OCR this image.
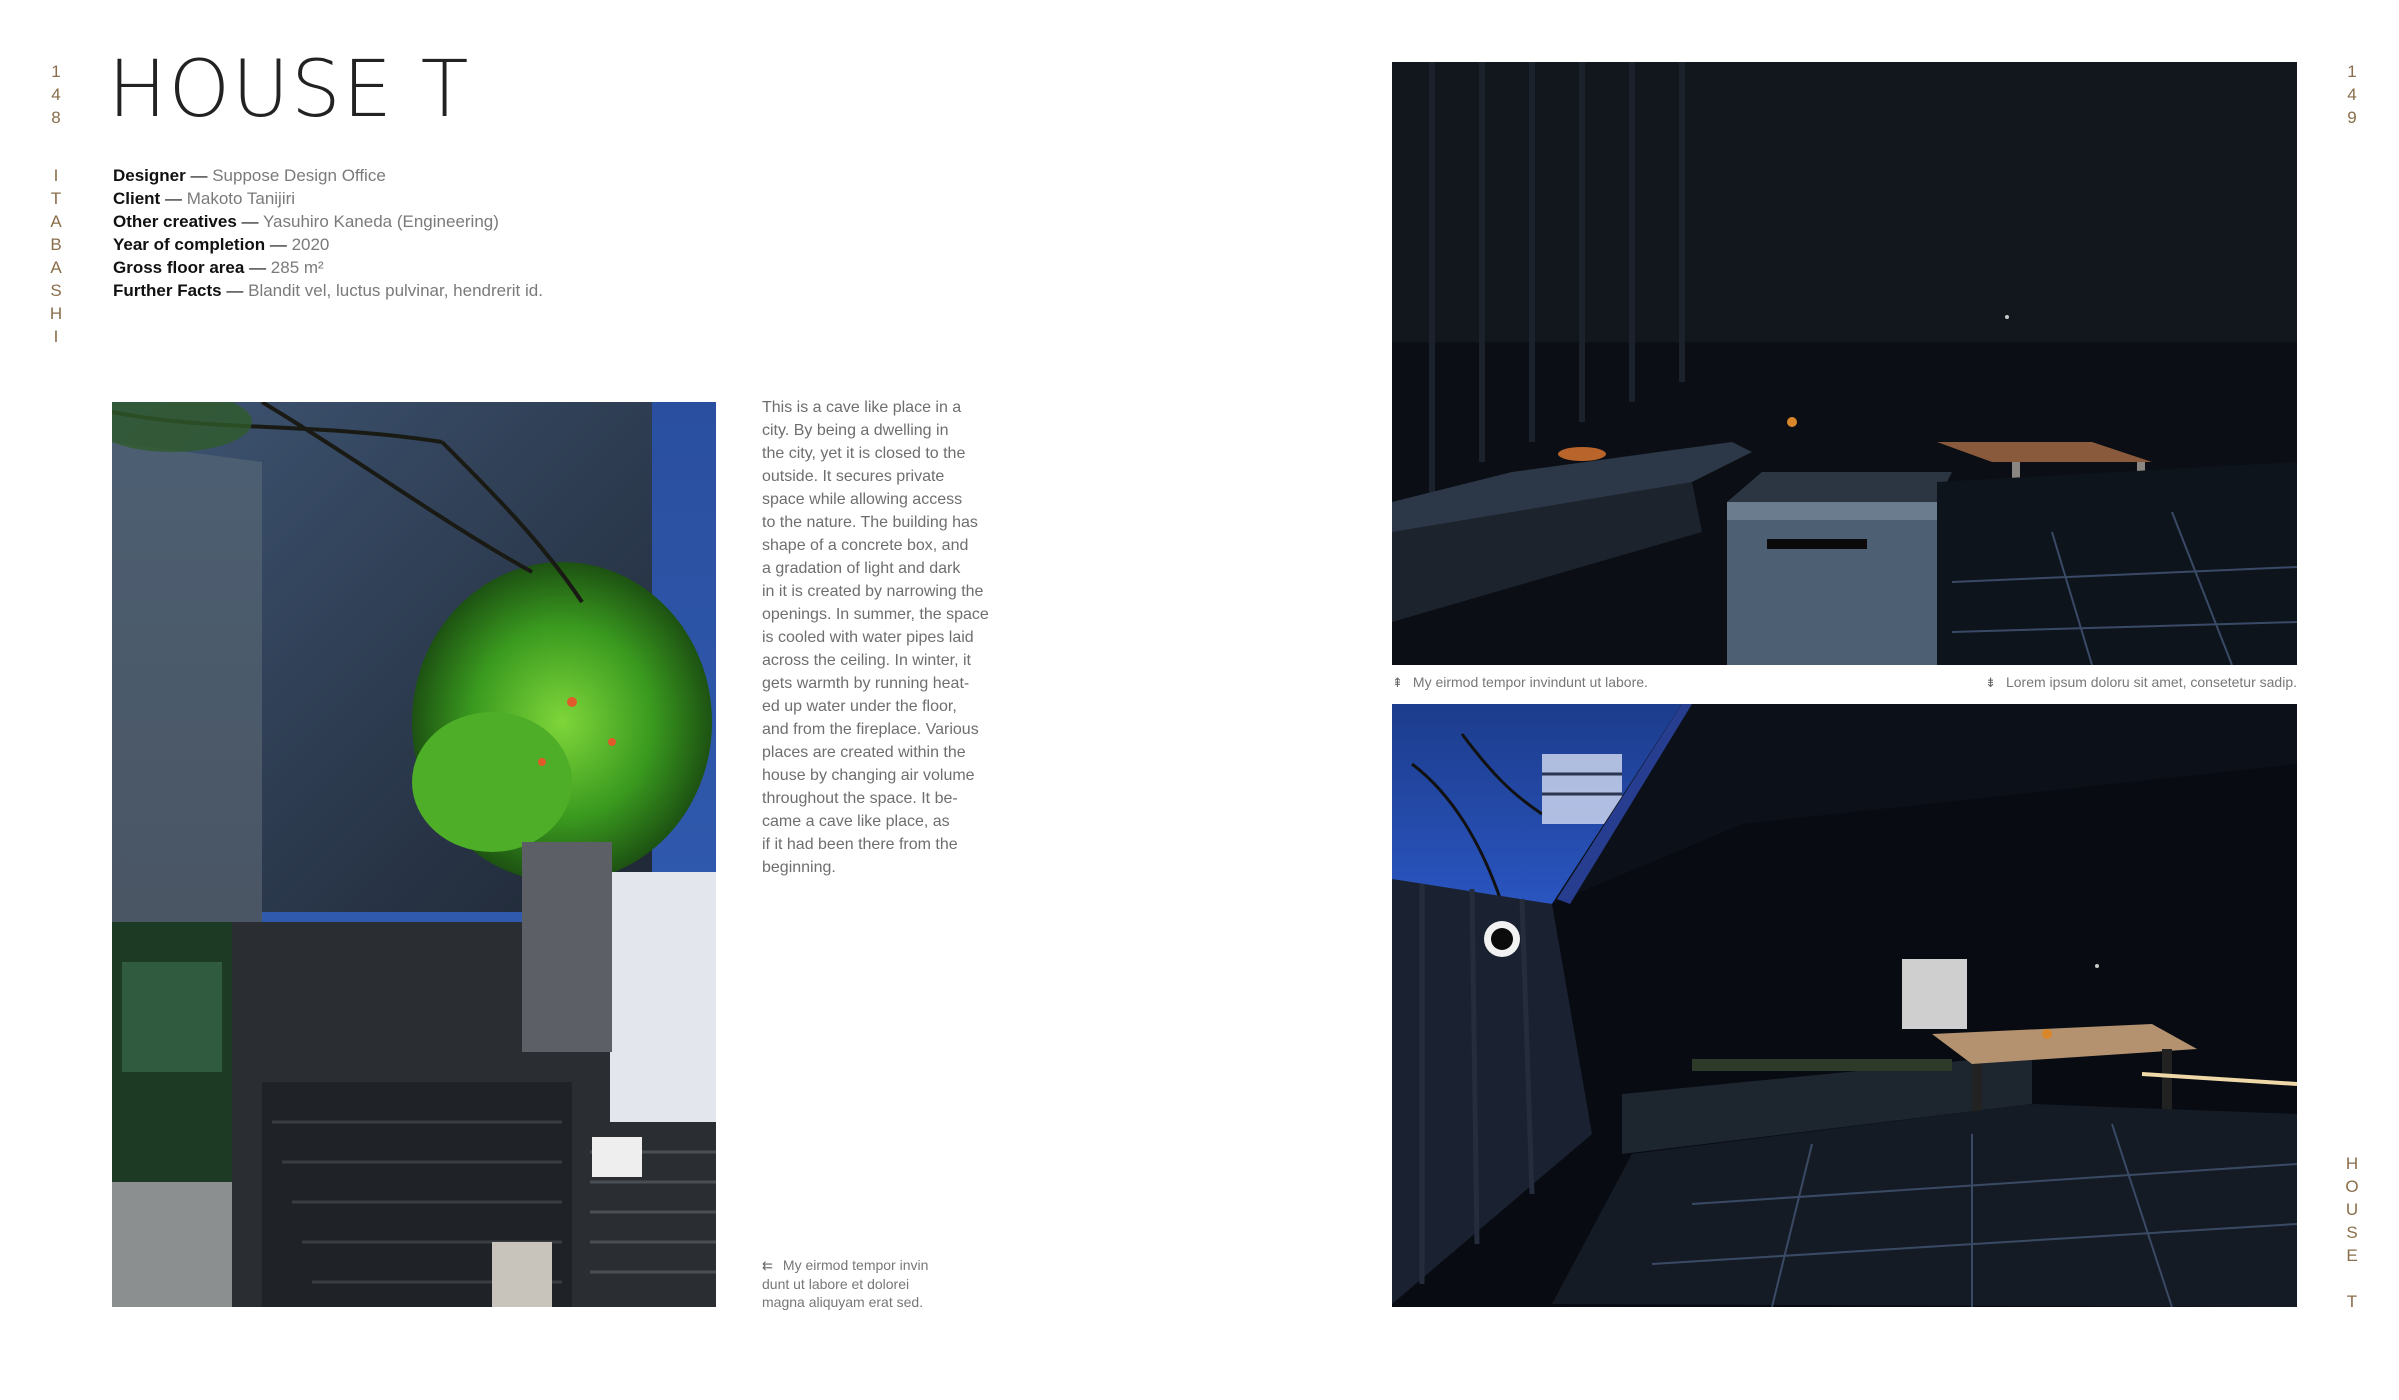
1
4
8
I
T
A
B
A
S
H
I
HOUSE T
Designer — Suppose Design Office
Client — Makoto Tanijiri
Other creatives — Yasuhiro Kaneda (Engineering)
Year of completion — 2020
Gross floor area — 285 m²
Further Facts — Blandit vel, luctus pulvinar, hendrerit id.
This is a cave like place in a
city. By being a dwelling in
the city, yet it is closed to the
outside. It secures private
space while allowing access
to the nature. The building has
shape of a concrete box, and
a gradation of light and dark
in it is created by narrowing the
openings. In summer, the space
is cooled with water pipes laid
across the ceiling. In winter, it
gets warmth by running heat-
ed up water under the floor,
and from the fireplace. Various
places are created within the
house by changing air volume
throughout the space. It be-
came a cave like place, as
if it had been there from the
beginning.
⇇ My eirmod tempor invin
dunt ut labore et dolorei
magna aliquyam erat sed.
1
4
9
⇞ My eirmod tempor invindunt ut labore.	⇟ Lorem ipsum doloru sit amet, consetetur sadip.
H
O
U
S
E
T
